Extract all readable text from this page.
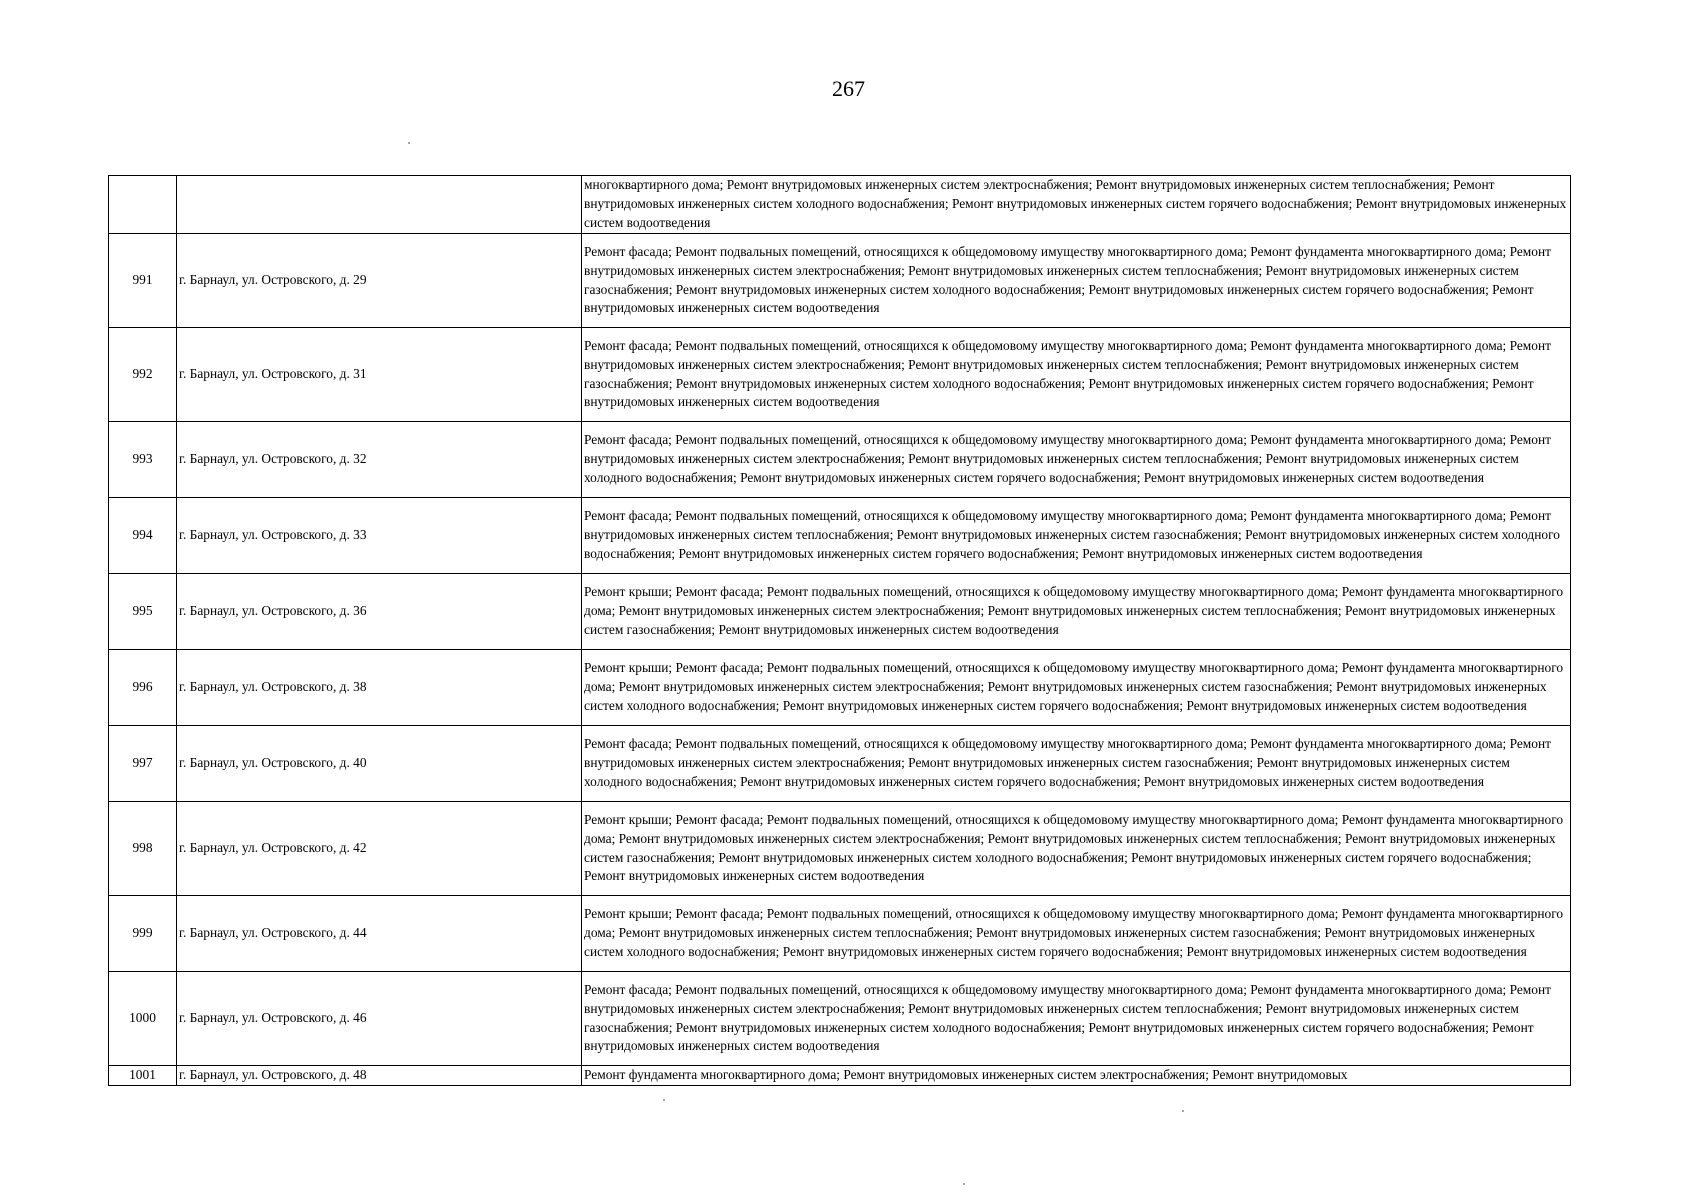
267
		многоквартирного дома; Ремонт внутридомовых инженерных систем электроснабжения; Ремонт внутридомовых инженерных систем теплоснабжения; Ремонт внутридомовых инженерных систем холодного водоснабжения; Ремонт внутридомовых инженерных систем горячего водоснабжения; Ремонт внутридомовых инженерных систем водоотведения
991	г. Барнаул, ул. Островского, д. 29	Ремонт фасада; Ремонт подвальных помещений, относящихся к общедомовому имуществу многоквартирного дома; Ремонт фундамента многоквартирного дома; Ремонт внутридомовых инженерных систем электроснабжения; Ремонт внутридомовых инженерных систем теплоснабжения; Ремонт внутридомовых инженерных систем газоснабжения; Ремонт внутридомовых инженерных систем холодного водоснабжения; Ремонт внутридомовых инженерных систем горячего водоснабжения; Ремонт внутридомовых инженерных систем водоотведения
992	г. Барнаул, ул. Островского, д. 31	Ремонт фасада; Ремонт подвальных помещений, относящихся к общедомовому имуществу многоквартирного дома; Ремонт фундамента многоквартирного дома; Ремонт внутридомовых инженерных систем электроснабжения; Ремонт внутридомовых инженерных систем теплоснабжения; Ремонт внутридомовых инженерных систем газоснабжения; Ремонт внутридомовых инженерных систем холодного водоснабжения; Ремонт внутридомовых инженерных систем горячего водоснабжения; Ремонт внутридомовых инженерных систем водоотведения
993	г. Барнаул, ул. Островского, д. 32	Ремонт фасада; Ремонт подвальных помещений, относящихся к общедомовому имуществу многоквартирного дома; Ремонт фундамента многоквартирного дома; Ремонт внутридомовых инженерных систем электроснабжения; Ремонт внутридомовых инженерных систем теплоснабжения; Ремонт внутридомовых инженерных систем холодного водоснабжения; Ремонт внутридомовых инженерных систем горячего водоснабжения; Ремонт внутридомовых инженерных систем водоотведения
994	г. Барнаул, ул. Островского, д. 33	Ремонт фасада; Ремонт подвальных помещений, относящихся к общедомовому имуществу многоквартирного дома; Ремонт фундамента многоквартирного дома; Ремонт внутридомовых инженерных систем теплоснабжения; Ремонт внутридомовых инженерных систем газоснабжения; Ремонт внутридомовых инженерных систем холодного водоснабжения; Ремонт внутридомовых инженерных систем горячего водоснабжения; Ремонт внутридомовых инженерных систем водоотведения
995	г. Барнаул, ул. Островского, д. 36	Ремонт крыши; Ремонт фасада; Ремонт подвальных помещений, относящихся к общедомовому имуществу многоквартирного дома; Ремонт фундамента многоквартирного дома; Ремонт внутридомовых инженерных систем электроснабжения; Ремонт внутридомовых инженерных систем теплоснабжения; Ремонт внутридомовых инженерных систем газоснабжения; Ремонт внутридомовых инженерных систем водоотведения
996	г. Барнаул, ул. Островского, д. 38	Ремонт крыши; Ремонт фасада; Ремонт подвальных помещений, относящихся к общедомовому имуществу многоквартирного дома; Ремонт фундамента многоквартирного дома; Ремонт внутридомовых инженерных систем электроснабжения; Ремонт внутридомовых инженерных систем газоснабжения; Ремонт внутридомовых инженерных систем холодного водоснабжения; Ремонт внутридомовых инженерных систем горячего водоснабжения; Ремонт внутридомовых инженерных систем водоотведения
997	г. Барнаул, ул. Островского, д. 40	Ремонт фасада; Ремонт подвальных помещений, относящихся к общедомовому имуществу многоквартирного дома; Ремонт фундамента многоквартирного дома; Ремонт внутридомовых инженерных систем электроснабжения; Ремонт внутридомовых инженерных систем газоснабжения; Ремонт внутридомовых инженерных систем холодного водоснабжения; Ремонт внутридомовых инженерных систем горячего водоснабжения; Ремонт внутридомовых инженерных систем водоотведения
998	г. Барнаул, ул. Островского, д. 42	Ремонт крыши; Ремонт фасада; Ремонт подвальных помещений, относящихся к общедомовому имуществу многоквартирного дома; Ремонт фундамента многоквартирного дома; Ремонт внутридомовых инженерных систем электроснабжения; Ремонт внутридомовых инженерных систем теплоснабжения; Ремонт внутридомовых инженерных систем газоснабжения; Ремонт внутридомовых инженерных систем холодного водоснабжения; Ремонт внутридомовых инженерных систем горячего водоснабжения; Ремонт внутридомовых инженерных систем водоотведения
999	г. Барнаул, ул. Островского, д. 44	Ремонт крыши; Ремонт фасада; Ремонт подвальных помещений, относящихся к общедомовому имуществу многоквартирного дома; Ремонт фундамента многоквартирного дома; Ремонт внутридомовых инженерных систем теплоснабжения; Ремонт внутридомовых инженерных систем газоснабжения; Ремонт внутридомовых инженерных систем холодного водоснабжения; Ремонт внутридомовых инженерных систем горячего водоснабжения; Ремонт внутридомовых инженерных систем водоотведения
1000	г. Барнаул, ул. Островского, д. 46	Ремонт фасада; Ремонт подвальных помещений, относящихся к общедомовому имуществу многоквартирного дома; Ремонт фундамента многоквартирного дома; Ремонт внутридомовых инженерных систем электроснабжения; Ремонт внутридомовых инженерных систем теплоснабжения; Ремонт внутридомовых инженерных систем газоснабжения; Ремонт внутридомовых инженерных систем холодного водоснабжения; Ремонт внутридомовых инженерных систем горячего водоснабжения; Ремонт внутридомовых инженерных систем водоотведения
1001	г. Барнаул, ул. Островского, д. 48	Ремонт фундамента многоквартирного дома; Ремонт внутридомовых инженерных систем электроснабжения; Ремонт внутридомовых
